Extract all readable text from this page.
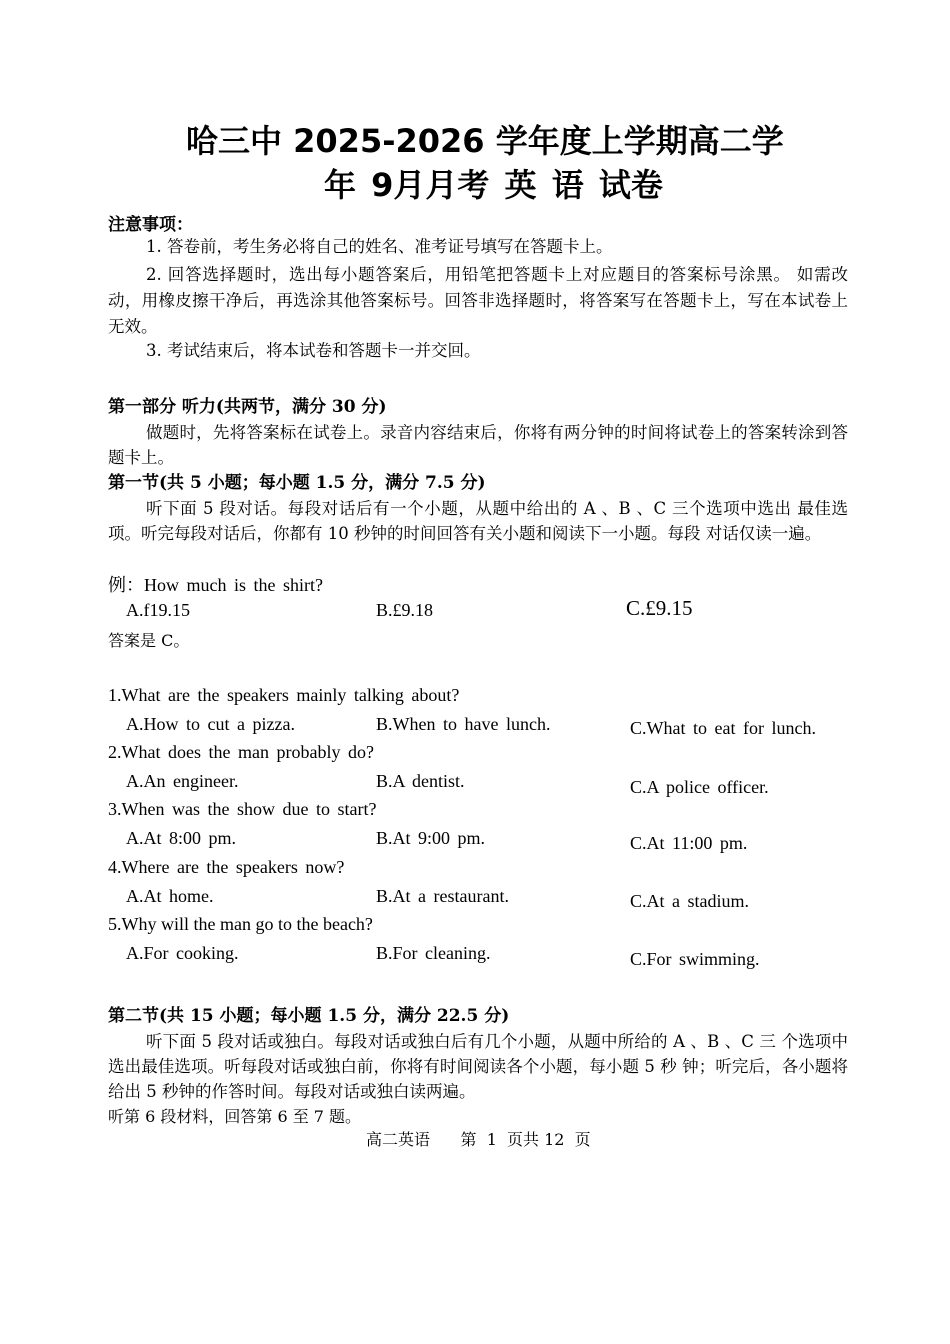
哈三中 2025-2026 学年度上学期高二学
年 9月月考 英 语 试卷
注意事项：
1. 答卷前，考生务必将自己的姓名、准考证号填写在答题卡上。
2. 回答选择题时，选出每小题答案后，用铅笔把答题卡上对应题目的答案标号涂黑。 如需改动，用橡皮擦干净后，再选涂其他答案标号。回答非选择题时，将答案写在答题卡上，写在本试卷上无效。
3. 考试结束后，将本试卷和答题卡一并交回。
第一部分 听力(共两节，满分 30 分)
做题时，先将答案标在试卷上。录音内容结束后，你将有两分钟的时间将试卷上的答案转涂到答题卡上。
第一节(共 5 小题；每小题 1.5 分，满分 7.5 分)
听下面 5 段对话。每段对话后有一个小题，从题中给出的 A 、B 、C 三个选项中选出 最佳选项。听完每段对话后，你都有 10 秒钟的时间回答有关小题和阅读下一小题。每段 对话仅读一遍。
例：How much is the shirt?
A.f19.15	B.£9.18	C.£9.15
答案是 C。
1.What are the speakers mainly talking about?
A.How to cut a pizza.	B.When to have lunch.	C.What to eat for lunch.
2.What does the man probably do?
A.An engineer.	B.A dentist.	C.A police officer.
3.When was the show due to start?
A.At 8:00 pm.	B.At 9:00 pm.	C.At 11:00 pm.
4.Where are the speakers now?
A.At home.	B.At a restaurant.	C.At a stadium.
5.Why will the man go to the beach?
A.For cooking.	B.For cleaning.	C.For swimming.
第二节(共 15 小题；每小题 1.5 分，满分 22.5 分)
听下面 5 段对话或独白。每段对话或独白后有几个小题，从题中所给的 A 、B 、C 三 个选项中选出最佳选项。听每段对话或独白前，你将有时间阅读各个小题，每小题 5 秒 钟；听完后，各小题将给出 5 秒钟的作答时间。每段对话或独白读两遍。
听第 6 段材料，回答第 6 至 7 题。
高二英语      第  1  页共 12  页
